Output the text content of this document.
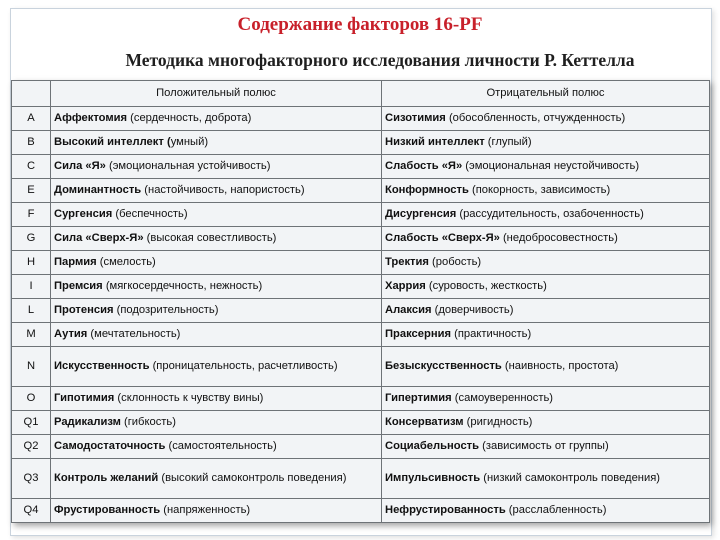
Содержание факторов 16-PF
Методика многофакторного исследования личности Р. Кеттелла
	Положительный полюс	Отрицательный полюс
A	Аффектомия (сердечность, доброта)	Сизотимия (обособленность, отчужденность)
B	Высокий интеллект (умный)	Низкий интеллект (глупый)
C	Сила «Я» (эмоциональная устойчивость)	Слабость «Я» (эмоциональная неустойчивость)
E	Доминантность (настойчивость, напористость)	Конформность (покорность, зависимость)
F	Сургенсия (беспечность)	Дисургенсия (рассудительность, озабоченность)
G	Сила «Сверх-Я» (высокая совестливость)	Слабость «Сверх-Я» (недобросовестность)
H	Пармия (смелость)	Тректия (робость)
I	Премсия (мягкосердечность, нежность)	Харрия (суровость, жесткость)
L	Протенсия (подозрительность)	Алаксия (доверчивость)
M	Аутия (мечтательность)	Праксерния (практичность)
N	Искусственность (проницательность, расчетливость)	Безыскусственность (наивность, простота)
O	Гипотимия (склонность к чувству вины)	Гипертимия (самоуверенность)
Q1	Радикализм (гибкость)	Консерватизм (ригидность)
Q2	Самодостаточность (самостоятельность)	Социабельность (зависимость от группы)
Q3	Контроль желаний (высокий самоконтроль поведения)	Импульсивность (низкий самоконтроль поведения)
Q4	Фрустированность (напряженность)	Нефрустированность (расслабленность)
